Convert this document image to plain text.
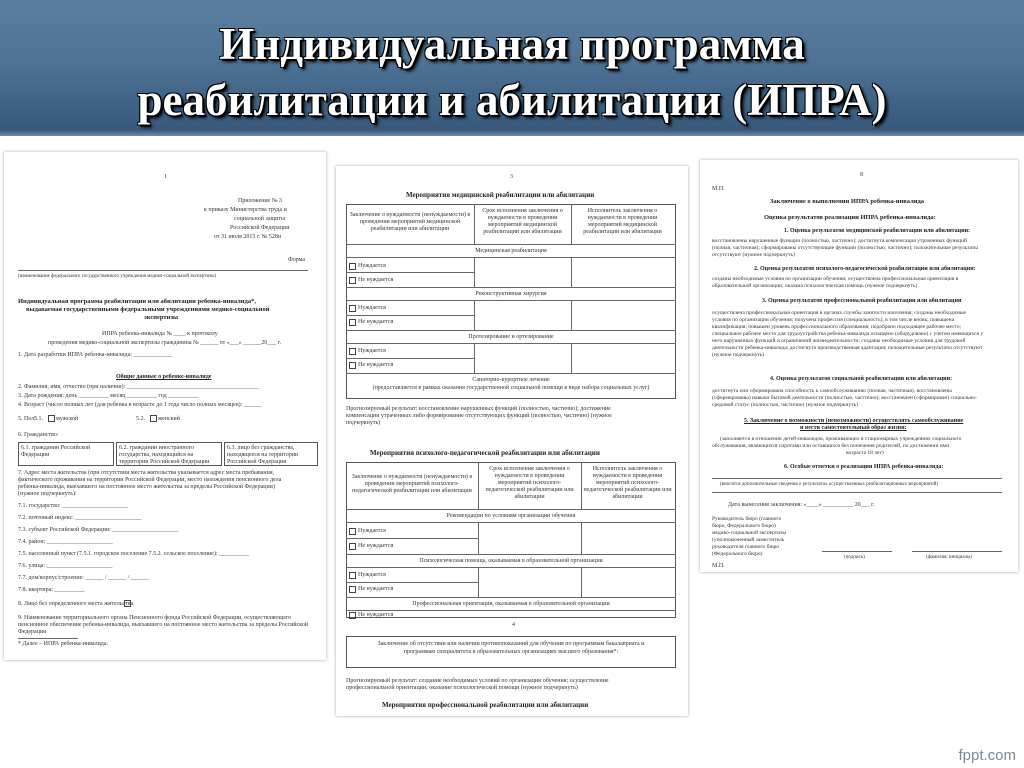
Индивидуальная программа
реабилитации и абилитации (ИПРА)
1
Приложение № 3
к приказу Министерства труда и
социальной защиты
Российской Федерации
от 31 июля 2015 г. № 528н
Форма
(наименование федерального государственного учреждения медико-социальной экспертизы)
Индивидуальная программа реабилитации или абилитации ребенка-инвалида*,
выдаваемая государственными федеральными учреждениями медико-социальной
экспертизы
ИПРА ребенка-инвалида № ____ к протоколу
проведения медико-социальной экспертизы гражданина № ______ от «___» ______20___ г.
1. Дата разработки ИПРА ребенка-инвалида: _____________
Общие данные о ребенке-инвалиде
2. Фамилия, имя, отчество (при наличии): ____________________________________________
3. Дата рождения: день __________ месяц __________ год __________
4. Возраст (число полных лет (для ребенка в возрасте до 1 года число полных месяцев): ______
5. Пол:
5.1. мужской	5.2. женский
6. Гражданство:
6.1. гражданин Российской Федерации
6.2. гражданин иностранного государства, находящийся на территории Российской Федерации
6.3. лицо без гражданства, находящееся на территории Российской Федерации
7. Адрес места жительства (при отсутствии места жительства указывается адрес места пребывания,
фактического проживания на территории Российской Федерации, место нахождения пенсионного дела
ребенка-инвалида, выехавшего на постоянное место жительства за пределы Российской Федерации)
(нужное подчеркнуть):
7.1. государство: ______________________
7.2. почтовый индекс: ______________________
7.3. субъект Российской Федерации: ______________________
7.4. район: ______________________
7.5. населенный пункт (7.5.1. городское поселение 7.5.2. сельское поселение): __________
7.6. улица: ______________________
7.7. дом/корпус/строение: ______ / ______ / ______
7.8. квартира: __________
8. Лицо без определенного места жительства
9. Наименование территориального органа Пенсионного фонда Российской Федерации, осуществляющего
пенсионное обеспечение ребенка-инвалида, выехавшего на постоянное место жительства за пределы Российской
Федерации
* Далее – ИПРА ребенка-инвалида.
3
Мероприятия медицинской реабилитации или абилитации
Заключение о нуждаемости (ненуждаемости) в проведении мероприятий медицинской реабилитации или абилитации
Срок исполнения заключения о нуждаемости в проведении мероприятий медицинской реабилитации или абилитации
Исполнитель заключения о нуждаемости в проведении мероприятий медицинской реабилитации или абилитации
Медицинская реабилитация
Нуждается
Не нуждается
Реконструктивная хирургия
Нуждается
Не нуждается
Протезирование и ортезирование
Нуждается
Не нуждается
Санаторно-курортное лечение
(предоставляется в рамках оказания государственной социальной помощи в виде набора социальных услуг)
Прогнозируемый результат: восстановление нарушенных функций (полностью, частично); достижение
компенсации утраченных либо формирование отсутствующих функций (полностью, частично) (нужное
подчеркнуть)
Мероприятия психолого-педагогической реабилитации или абилитации
Заключение о нуждаемости (ненуждаемости) в проведении мероприятий психолого-педагогической реабилитации или абилитации
Срок исполнения заключения о нуждаемости в проведении мероприятий психолого-педагогической реабилитации или абилитации
Исполнитель заключения о нуждаемости в проведении мероприятий психолого-педагогической реабилитации или абилитации
Рекомендации по условиям организации обучения
Нуждается
Не нуждается
Психологическая помощь, оказываемая в образовательной организации
Нуждается
Не нуждается
Профессиональная ориентация, оказываемая в образовательной организации
Не нуждается
4
Заключение об отсутствии или наличии противопоказаний для обучения по программам бакалавриата и
программам специалитета в образовательных организациях высшего образования*:
Прогнозируемый результат: создание необходимых условий по организации обучения; осуществление
профессиональной ориентации; оказание психологической помощи (нужное подчеркнуть)
Мероприятия профессиональной реабилитации или абилитации
8
М.П.
Заключение о выполнении ИПРА ребенка-инвалида
Оценка результатов реализации ИПРА ребенка-инвалида:
1. Оценка результатов медицинской реабилитации или абилитации:
восстановлены нарушенные функции (полностью, частично); достигнута компенсация утраченных функций
(полная, частичная); сформированы отсутствующие функции (полностью, частично); положительные результаты
отсутствуют (нужное подчеркнуть)
2. Оценка результатов психолого-педагогической реабилитации или абилитации:
созданы необходимые условия по организации обучения; осуществлена профессиональная ориентация в
образовательной организации; оказана психологическая помощь (нужное подчеркнуть)
3. Оценка результатов профессиональной реабилитации или абилитации
осуществлена профессиональная ориентация в органах службы занятости населения; созданы необходимые
условия по организации обучения; получена профессия (специальность), в том числе вновь; повышена
квалификация; повышен уровень профессионального образования; подобрано подходящее рабочее место;
специальное рабочее место для трудоустройства ребенка-инвалида оснащено (оборудовано) с учетом имеющихся у
него нарушенных функций и ограничений жизнедеятельности; созданы необходимые условия для трудовой
деятельности ребенка-инвалида; достигнута производственная адаптация; положительные результаты отсутствуют
(нужное подчеркнуть)
4. Оценка результатов социальной реабилитации или абилитации:
достигнута или сформирована способность к самообслуживанию (полная, частичная), восстановлены
(сформированы) навыки бытовой деятельности (полностью, частично); восстановлен (сформирован) социально-
средовой статус (полностью, частично) (нужное подчеркнуть)
5. Заключение о возможности (невозможности) осуществлять самообслуживание
и вести самостоятельный образ жизни:
(заполняется в отношении детей-инвалидов, проживающих в стационарных учреждениях социального
обслуживания, являющихся сиротами или оставшихся без попечения родителей, по достижении ими
возраста 18 лет)
6. Особые отметки о реализации ИПРА ребенка-инвалида:
(вносятся дополнительные сведения о результатах осуществленных реабилитационных мероприятий)
Дата вынесения заключения: «____» __________ 20___ г.
Руководитель бюро (главного
бюро, Федерального бюро)
медико-социальной экспертизы
(уполномоченный заместитель
руководителя главного бюро
(Федерального бюро)
(подпись)	(фамилия, инициалы)
М.П.
fppt.com
